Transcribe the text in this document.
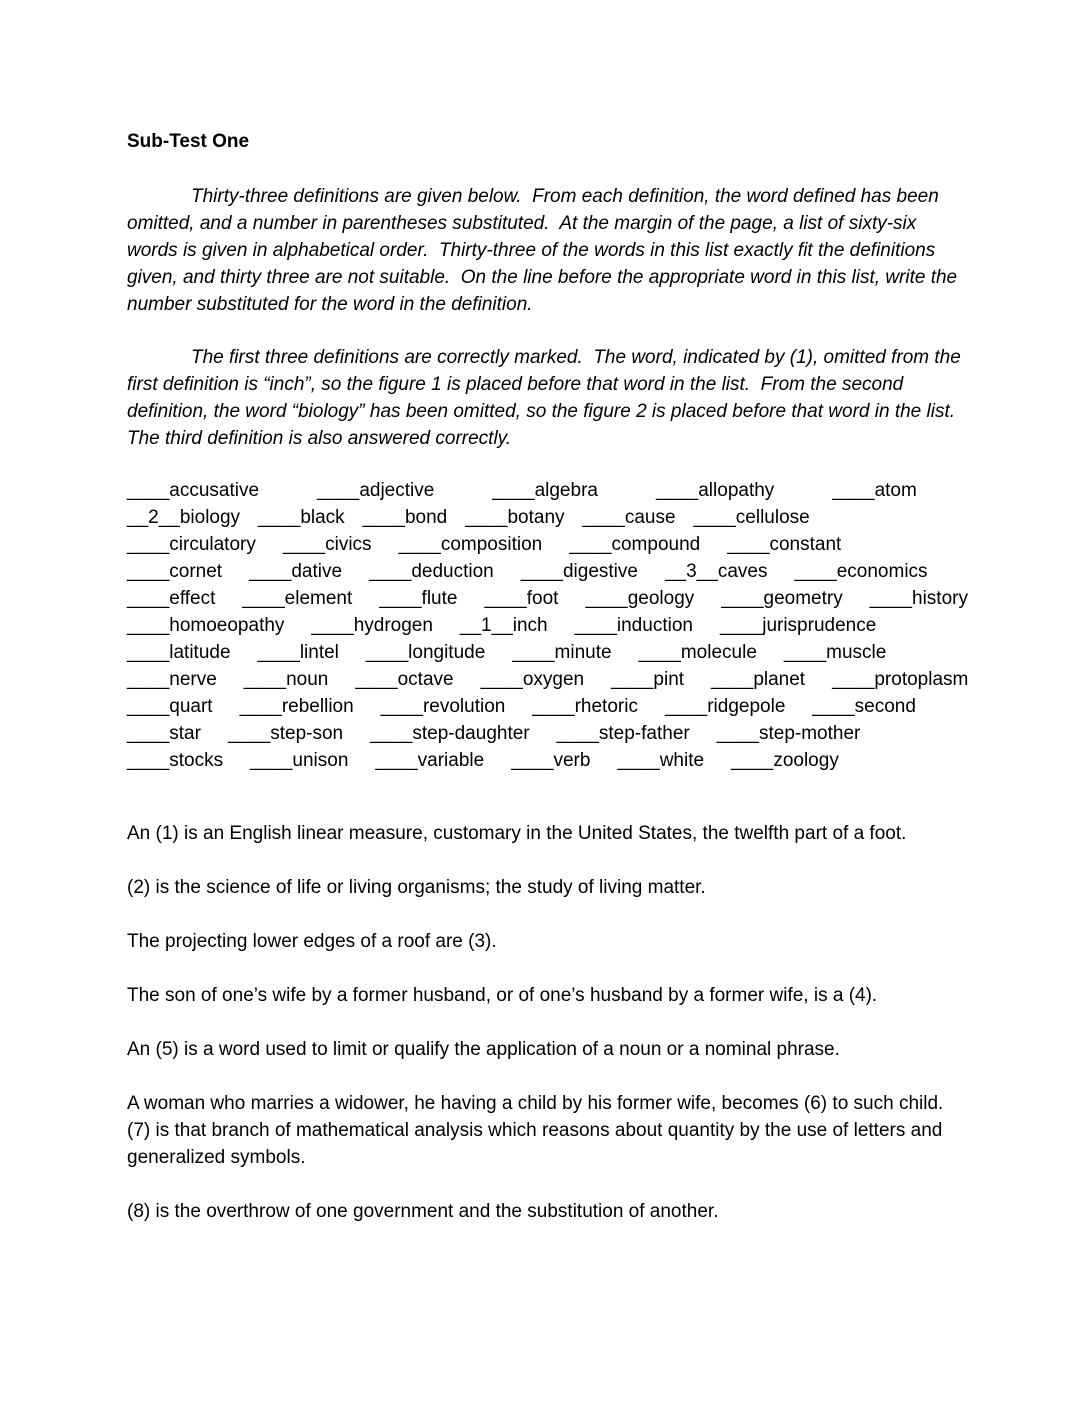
Sub-Test One

Thirty-three definitions are given below.  From each definition, the word defined has been omitted, and a number in parentheses substituted.  At the margin of the page, a list of sixty-six words is given in alphabetical order.  Thirty-three of the words in this list exactly fit the definitions given, and thirty three are not suitable.  On the line before the appropriate word in this list, write the number substituted for the word in the definition.

The first three definitions are correctly marked.  The word, indicated by (1), omitted from the first definition is “inch”, so the figure 1 is placed before that word in the list.  From the second definition, the word “biology” has been omitted, so the figure 2 is placed before that word in the list.  The third definition is also answered correctly.

____accusative	____adjective	____algebra	____allopathy	____atom
__2__biology ____black ____bond ____botany ____cause ____cellulose
____circulatory ____civics ____composition ____compound ____constant
____cornet ____dative ____deduction ____digestive __3__caves ____economics
____effect ____element ____flute ____foot ____geology ____geometry ____history
____homoeopathy ____hydrogen __1__inch ____induction ____jurisprudence
____latitude ____lintel ____longitude ____minute ____molecule ____muscle
____nerve ____noun ____octave ____oxygen ____pint ____planet ____protoplasm
____quart ____rebellion ____revolution ____rhetoric ____ridgepole ____second
____star ____step-son ____step-daughter ____step-father ____step-mother
____stocks ____unison ____variable ____verb ____white ____zoology

An (1) is an English linear measure, customary in the United States, the twelfth part of a foot.

(2) is the science of life or living organisms; the study of living matter.

The projecting lower edges of a roof are (3).

The son of one’s wife by a former husband, or of one’s husband by a former wife, is a (4).

An (5) is a word used to limit or qualify the application of a noun or a nominal phrase.

A woman who marries a widower, he having a child by his former wife, becomes (6) to such child.

(7) is that branch of mathematical analysis which reasons about quantity by the use of letters and generalized symbols.

(8) is the overthrow of one government and the substitution of another.
